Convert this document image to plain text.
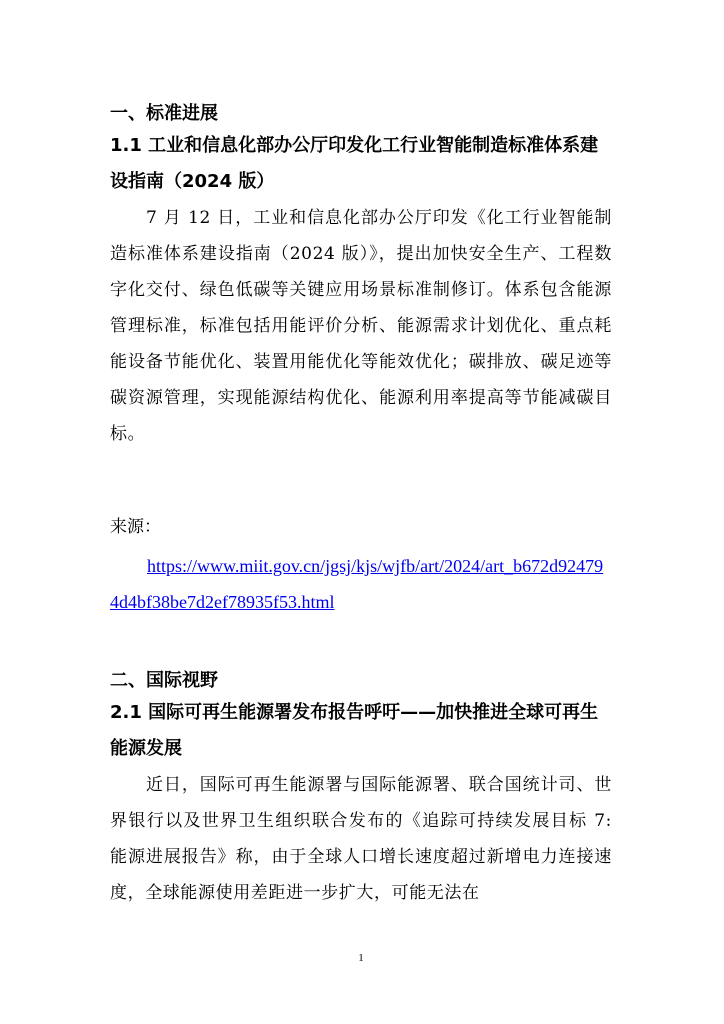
一、标准进展
1.1 工业和信息化部办公厅印发化工行业智能制造标准体系建设指南（2024 版）

7 月 12 日，工业和信息化部办公厅印发《化工行业智能制造标准体系建设指南（2024 版）》，提出加快安全生产、工程数字化交付、绿色低碳等关键应用场景标准制修订。体系包含能源管理标准，标准包括用能评价分析、能源需求计划优化、重点耗能设备节能优化、装置用能优化等能效优化；碳排放、碳足迹等碳资源管理，实现能源结构优化、能源利用率提高等节能减碳目标。

来源：

https://www.miit.gov.cn/jgsj/kjs/wjfb/art/2024/art_b672d924794d4bf38be7d2ef78935f53.html

二、国际视野
2.1 国际可再生能源署发布报告呼吁——加快推进全球可再生能源发展

近日，国际可再生能源署与国际能源署、联合国统计司、世界银行以及世界卫生组织联合发布的《追踪可持续发展目标 7: 能源进展报告》称，由于全球人口增长速度超过新增电力连接速度，全球能源使用差距进一步扩大，可能无法在

1
